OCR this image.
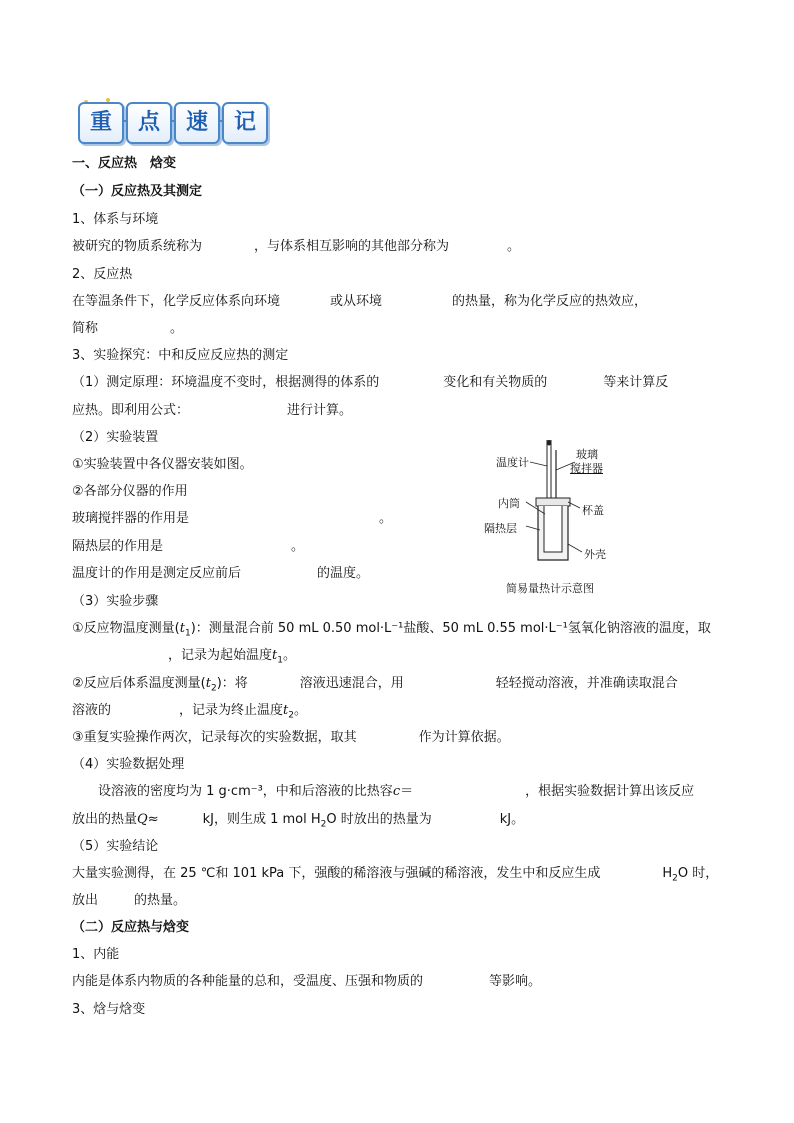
重	点	速	记
一、反应热　焓变
（一）反应热及其测定
1、体系与环境
被研究的物质系统称为	，与体系相互影响的其他部分称为	。
2、反应热
在等温条件下，化学反应体系向环境	或从环境	的热量，称为化学反应的热效应，
简称	。
3、实验探究：中和反应反应热的测定
（1）测定原理：环境温度不变时，根据测得的体系的	变化和有关物质的	等来计算反
应热。即利用公式：	进行计算。
（2）实验装置
①实验装置中各仪器安装如图。
②各部分仪器的作用
玻璃搅拌器的作用是	。
隔热层的作用是	。
温度计的作用是测定反应前后	的温度。
温度计
玻璃
搅拌器
内筒
杯盖
隔热层
外壳
简易量热计示意图
（3）实验步骤
①反应物温度测量$(t_1)$：测量混合前 50 mL 0.50 mol·L⁻¹盐酸、50 mL 0.55 mol·L⁻¹氢氧化钠溶液的温度，取
，记录为起始温度$t_1$。
②反应后体系温度测量$(t_2)$：将	溶液迅速混合，用	轻轻搅动溶液，并准确读取混合
溶液的	，记录为终止温度$t_2$。
③重复实验操作两次，记录每次的实验数据，取其	作为计算依据。
（4）实验数据处理
设溶液的密度均为 1 g·cm⁻³，中和后溶液的比热容c＝	，根据实验数据计算出该反应
放出的热量Q≈	kJ，则生成 1 mol $H_2O$ 时放出的热量为	kJ。
（5）实验结论
大量实验测得，在 25 ℃和 101 kPa 下，强酸的稀溶液与强碱的稀溶液，发生中和反应生成	$H_2O$ 时，
放出	的热量。
（二）反应热与焓变
1、内能
内能是体系内物质的各种能量的总和，受温度、压强和物质的	等影响。
3、焓与焓变
